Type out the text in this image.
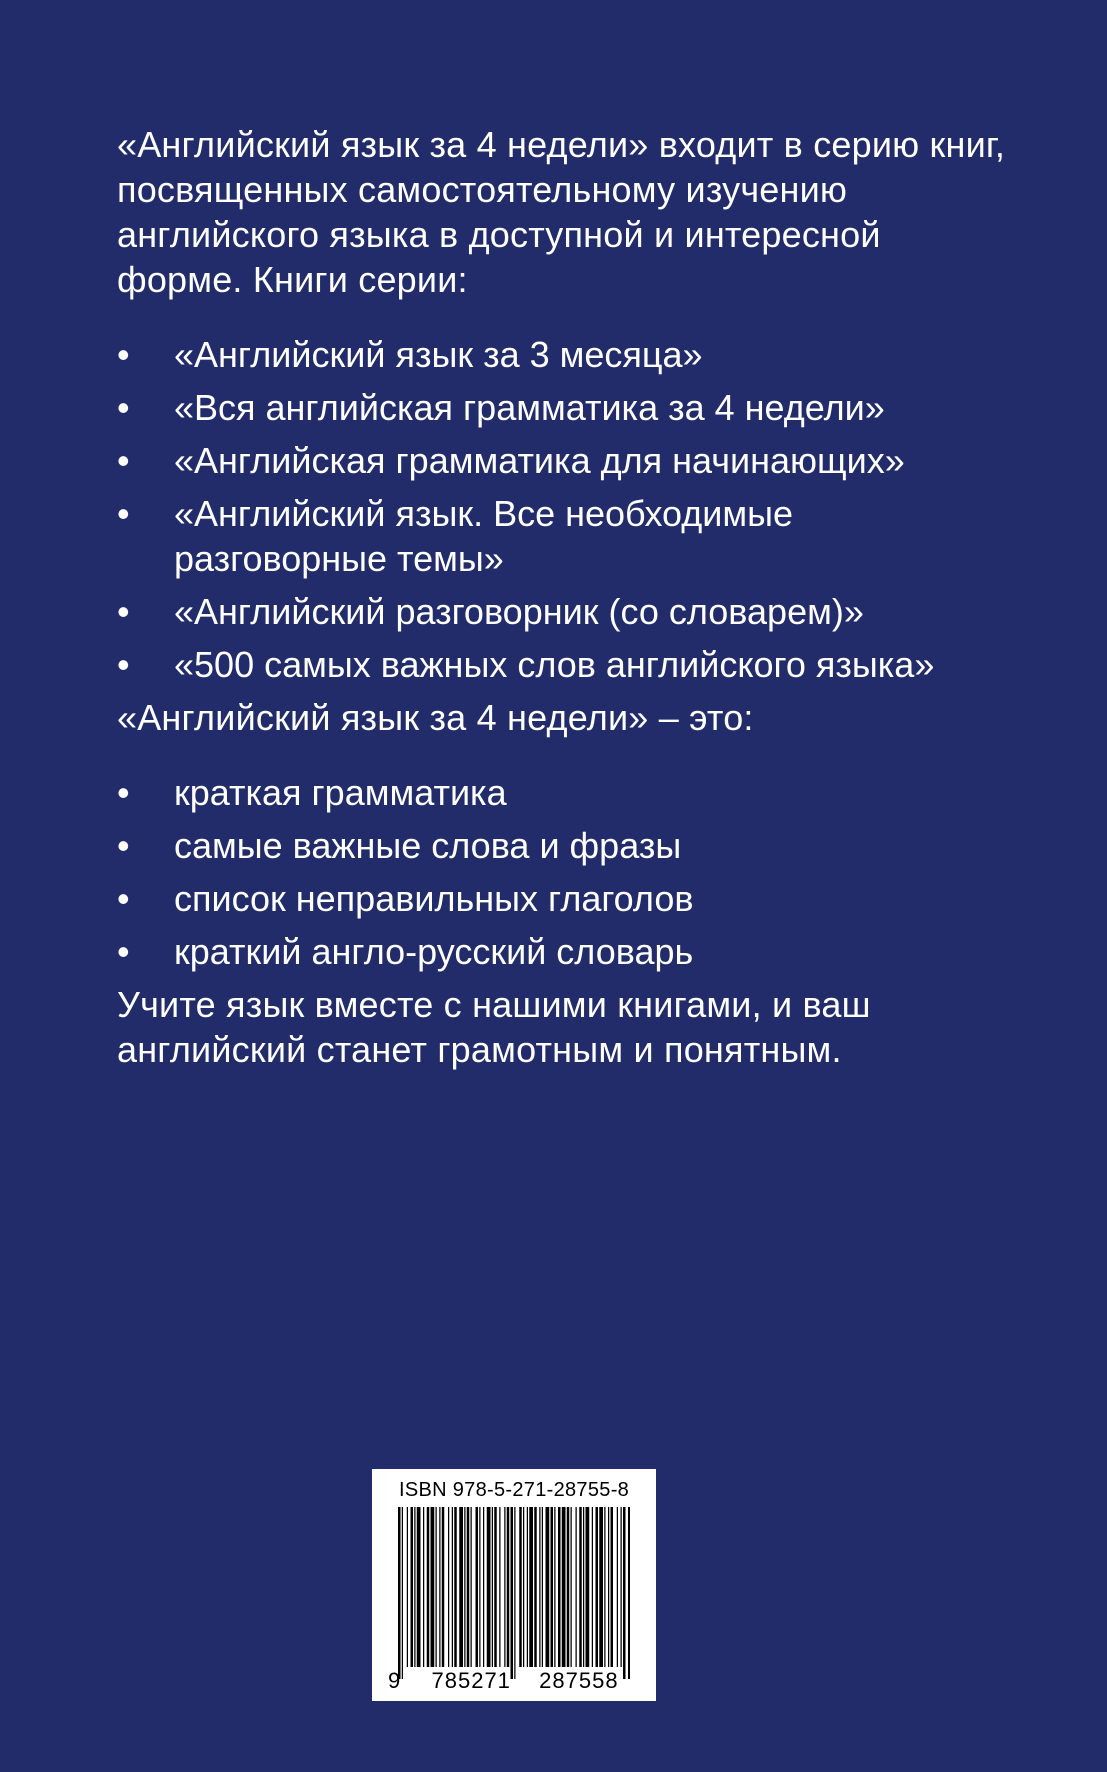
«Английский язык за 4 недели» входит в серию книг, посвященных самостоятельному изучению английского языка в доступной и интересной форме. Книги серии:

• «Английский язык за 3 месяца»
• «Вся английская грамматика за 4 недели»
• «Английская грамматика для начинающих»
• «Английский язык. Все необходимые разговорные темы»
• «Английский разговорник (со словарем)»
• «500 самых важных слов английского языка»

«Английский язык за 4 недели» – это:

• краткая грамматика
• самые важные слова и фразы
• список неправильных глаголов
• краткий англо-русский словарь

Учите язык вместе с нашими книгами, и ваш английский станет грамотным и понятным.

ISBN 978-5-271-28755-8
9 785271 287558
